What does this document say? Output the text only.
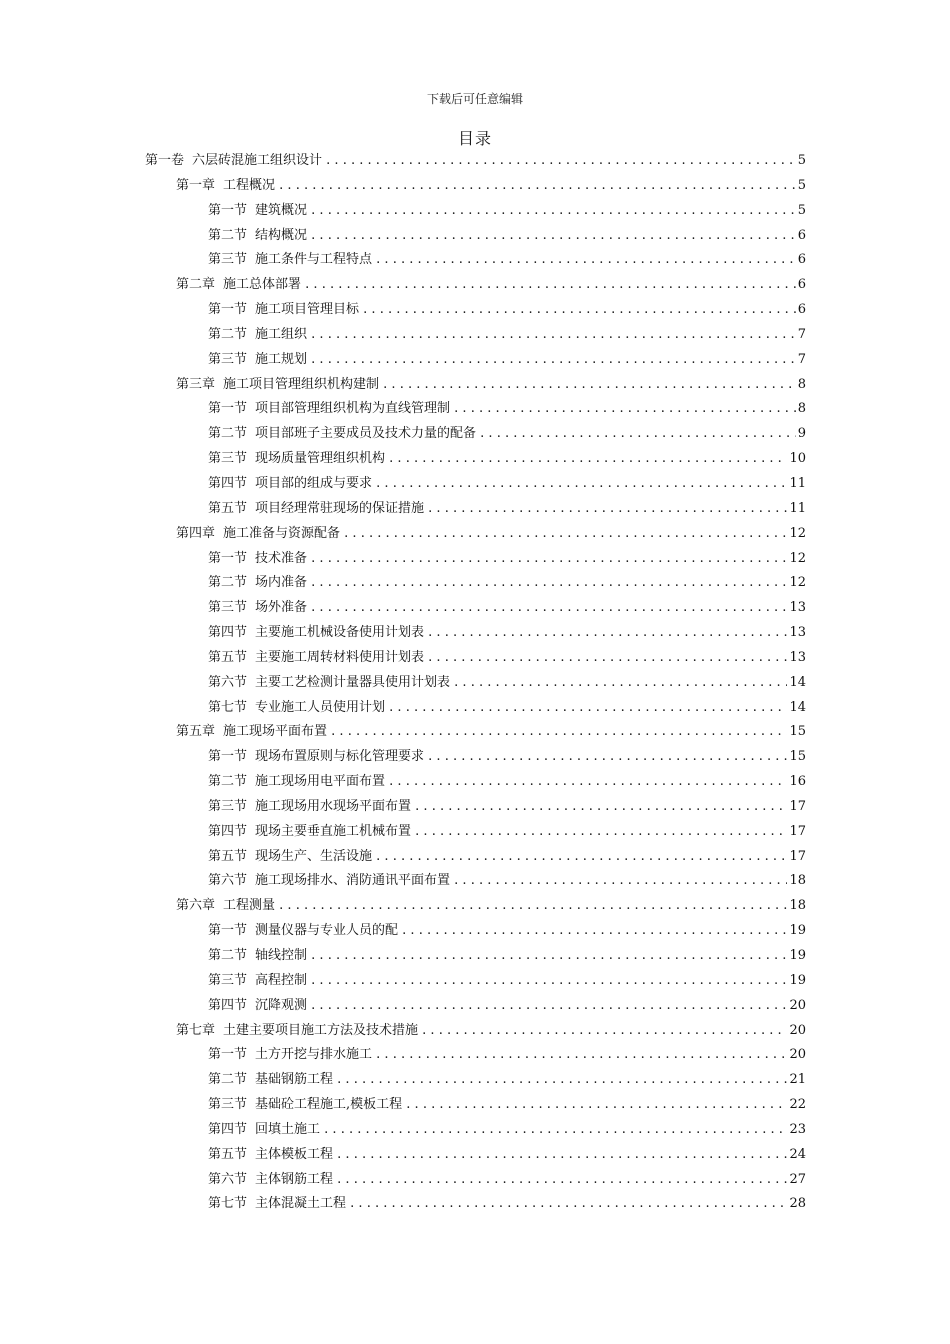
下载后可任意编辑
目录
第一卷 六层砖混施工组织设计 . . .	5
第一章 工程概况 . . .	5
第一节 建筑概况 . . .	5
第二节 结构概况 . . .	6
第三节 施工条件与工程特点 . . .	6
第二章 施工总体部署 . . .	6
第一节 施工项目管理目标 . . .	6
第二节 施工组织 . . .	7
第三节 施工规划 . . .	7
第三章 施工项目管理组织机构建制 . . .	8
第一节 项目部管理组织机构为直线管理制 . . .	8
第二节 项目部班子主要成员及技术力量的配备 . . .	9
第三节 现场质量管理组织机构 . . .	10
第四节 项目部的组成与要求 . . .	11
第五节 项目经理常驻现场的保证措施 . . .	11
第四章 施工准备与资源配备 . . .	12
第一节 技术准备 . . .	12
第二节 场内准备 . . .	12
第三节 场外准备 . . .	13
第四节 主要施工机械设备使用计划表 . . .	13
第五节 主要施工周转材料使用计划表 . . .	13
第六节 主要工艺检测计量器具使用计划表 . . .	14
第七节 专业施工人员使用计划 . . .	14
第五章 施工现场平面布置 . . .	15
第一节 现场布置原则与标化管理要求 . . .	15
第二节 施工现场用电平面布置 . . .	16
第三节 施工现场用水现场平面布置 . . .	17
第四节 现场主要垂直施工机械布置 . . .	17
第五节 现场生产、生活设施 . . .	17
第六节 施工现场排水、消防通讯平面布置 . . .	18
第六章 工程测量 . . .	18
第一节 测量仪器与专业人员的配 . . .	19
第二节 轴线控制 . . .	19
第三节 高程控制 . . .	19
第四节 沉降观测 . . .	20
第七章 土建主要项目施工方法及技术措施 . . .	20
第一节 土方开挖与排水施工 . . .	20
第二节 基础钢筋工程 . . .	21
第三节 基础砼工程施工,模板工程 . . .	22
第四节 回填土施工 . . .	23
第五节 主体模板工程 . . .	24
第六节 主体钢筋工程 . . .	27
第七节 主体混凝土工程 . . .	28
